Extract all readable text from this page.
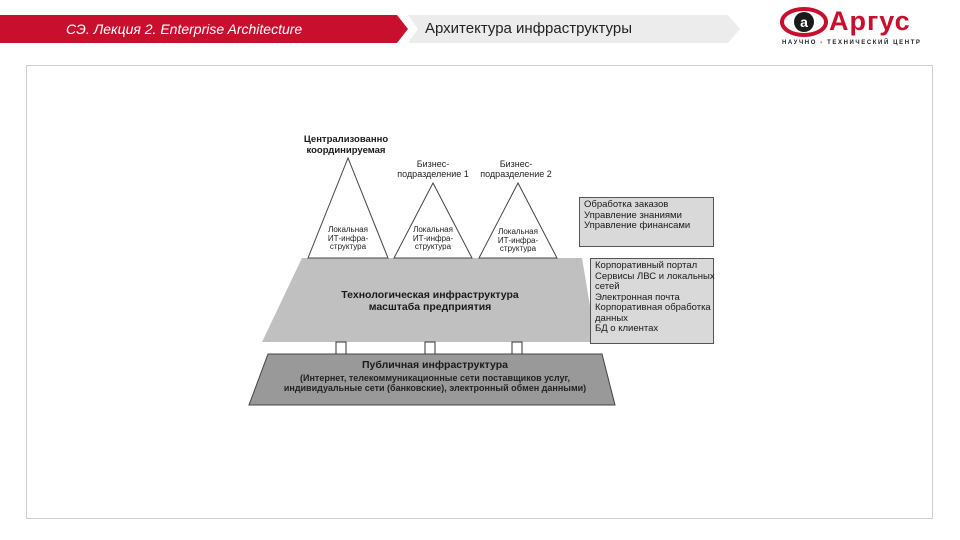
СЭ. Лекция 2. Enterprise Architecture	Архитектура инфраструктуры	а Аргус
НАУЧНО - ТЕХНИЧЕСКИЙ ЦЕНТР
Централизованно
координируемая
Бизнес-
подразделение 1
Бизнес-
подразделение 2
Локальная
ИТ-инфра-
структура
Локальная
ИТ-инфра-
структура
Локальная
ИТ-инфра-
структура
Технологическая инфраструктура
масштаба предприятия
Публичная инфраструктура
(Интернет, телекоммуникационные сети поставщиков услуг,
индивидуальные сети (банковские), электронный обмен данными)
Обработка заказов
Управление знаниями
Управление финансами
Корпоративный портал
Сервисы ЛВС и локальных
сетей
Электронная почта
Корпоративная обработка
данных
БД о клиентах
